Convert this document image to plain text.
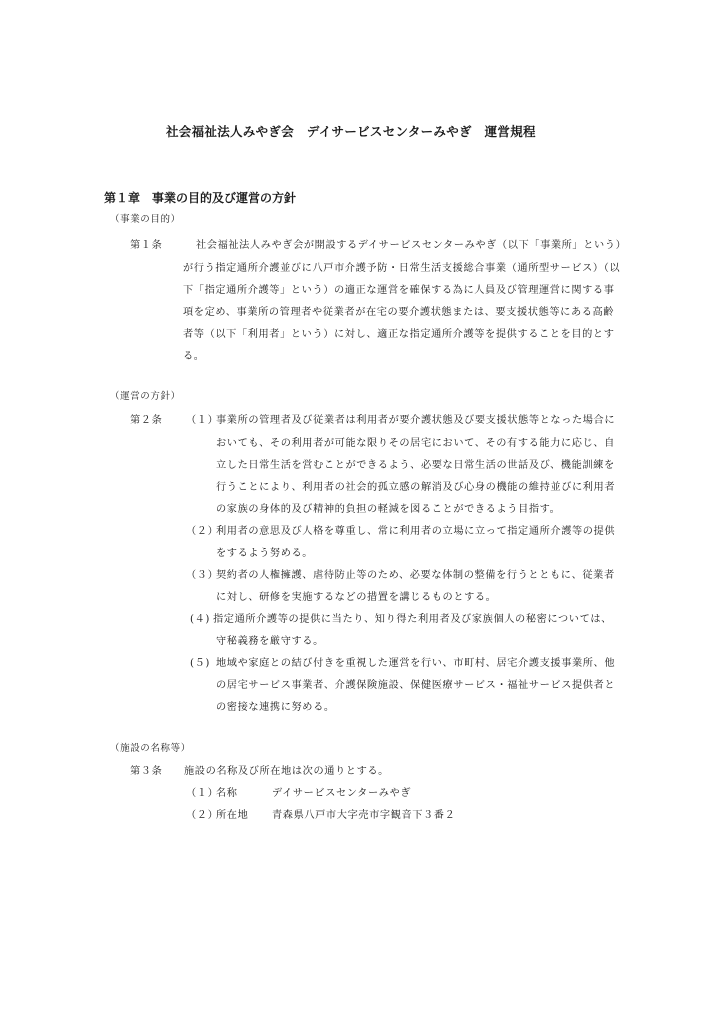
社会福祉法人みやぎ会　デイサービスセンターみやぎ　運営規程
第１章　事業の目的及び運営の方針
（事業の目的）
第１条	社会福祉法人みやぎ会が開設するデイサービスセンターみやぎ（以下「事業所」という）
が行う指定通所介護並びに八戸市介護予防・日常生活支援総合事業（通所型サービス）（以
下「指定通所介護等」という）の適正な運営を確保する為に人員及び管理運営に関する事
項を定め、事業所の管理者や従業者が在宅の要介護状態または、要支援状態等にある高齢
者等（以下「利用者」という）に対し、適正な指定通所介護等を提供することを目的とす
る。
（運営の方針）
第２条 （１）
事業所の管理者及び従業者は利用者が要介護状態及び要支援状態等となった場合に
おいても、その利用者が可能な限りその居宅において、その有する能力に応じ、自
立した日常生活を営むことができるよう、必要な日常生活の世話及び、機能訓練を
行うことにより、利用者の社会的孤立感の解消及び心身の機能の維持並びに利用者
の家族の身体的及び精神的負担の軽減を図ることができるよう目指す。
（２）
利用者の意思及び人格を尊重し、常に利用者の立場に立って指定通所介護等の提供
をするよう努める。
（３）
契約者の人権擁護、虐待防止等のため、必要な体制の整備を行うとともに、従業者
に対し、研修を実施するなどの措置を講じるものとする。
(４) 指定通所介護等の提供に当たり、知り得た利用者及び家族個人の秘密については、
守秘義務を厳守する。
(５) 地域や家庭との結び付きを重視した運営を行い、市町村、居宅介護支援事業所、他
の居宅サービス事業者、介護保険施設、保健医療サービス・福祉サービス提供者と
の密接な連携に努める。
（施設の名称等）
第３条 施設の名称及び所在地は次の通りとする。
（１）
名称	デイサービスセンターみやぎ
（２）
所在地 青森県八戸市大字売市字観音下３番２
